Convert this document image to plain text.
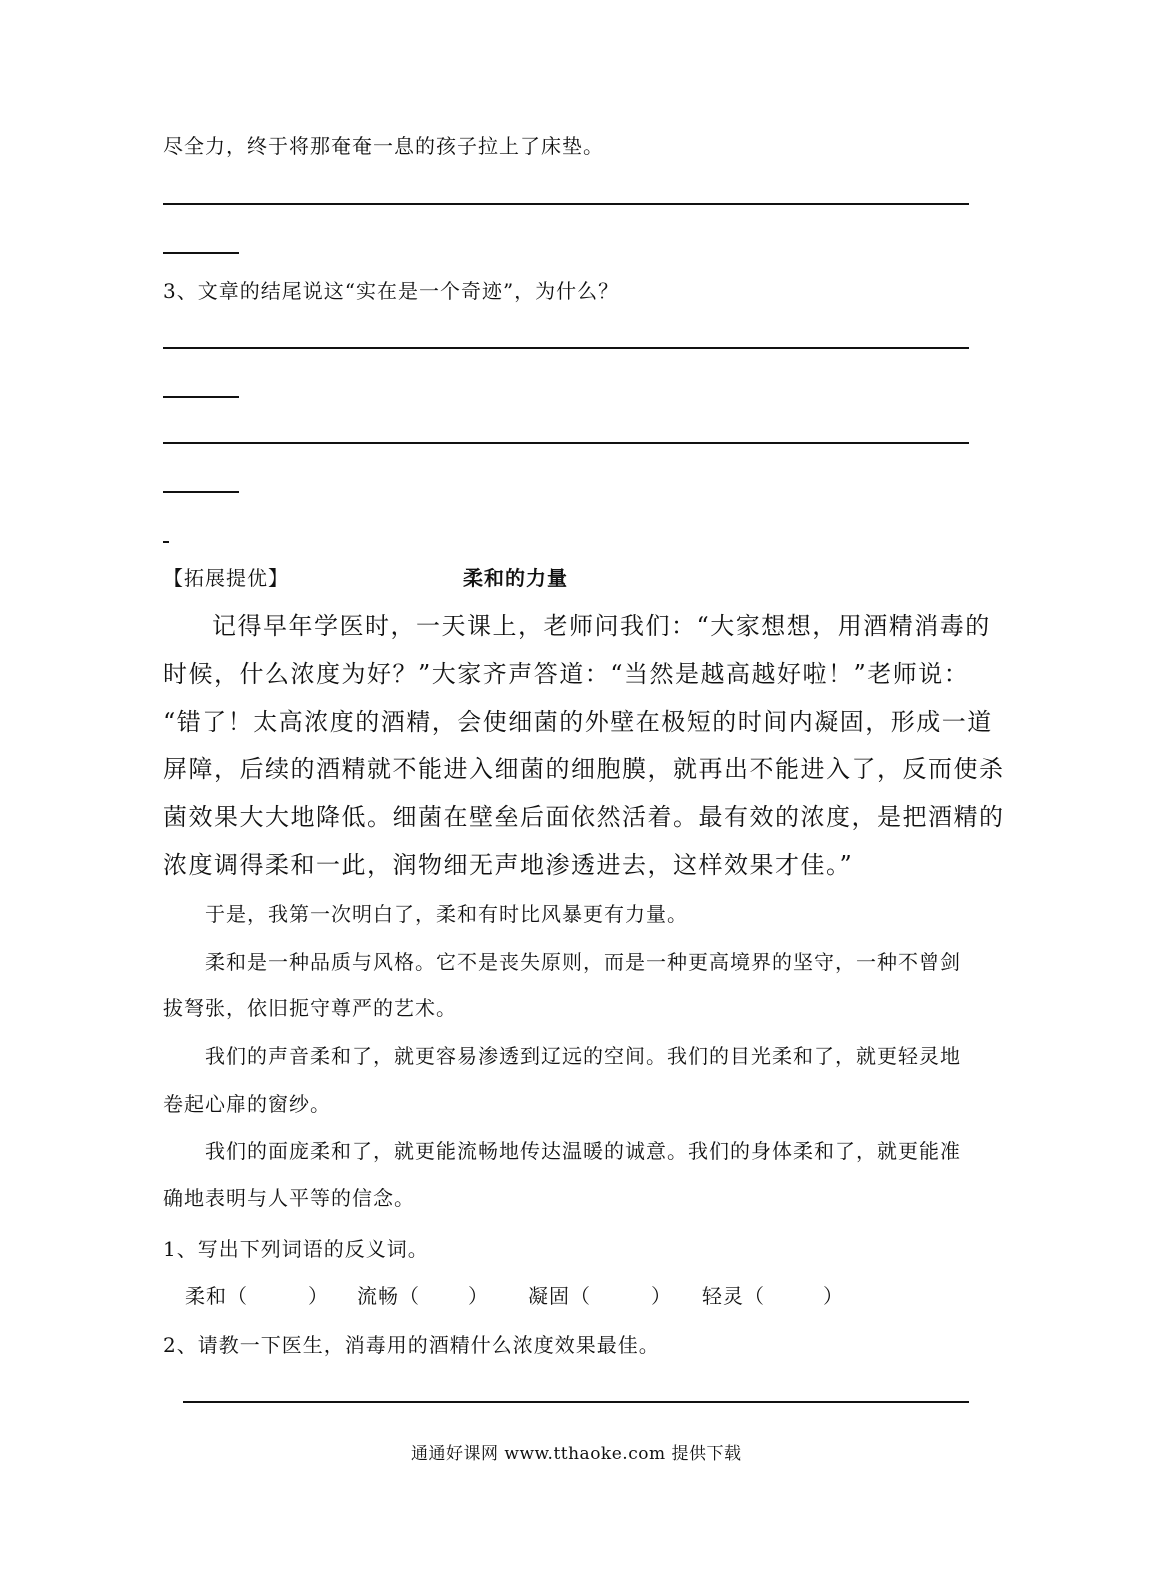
尽全力，终于将那奄奄一息的孩子拉上了床垫。
3、文章的结尾说这“实在是一个奇迹”，为什么？
【拓展提优】	柔和的力量
记得早年学医时，一天课上，老师问我们：“大家想想，用酒精消毒的
时候，什么浓度为好？”大家齐声答道：“当然是越高越好啦！”老师说：
“错了！太高浓度的酒精，会使细菌的外壁在极短的时间内凝固，形成一道
屏障，后续的酒精就不能进入细菌的细胞膜，就再出不能进入了，反而使杀
菌效果大大地降低。细菌在壁垒后面依然活着。最有效的浓度，是把酒精的
浓度调得柔和一此，润物细无声地渗透进去，这样效果才佳。”
于是，我第一次明白了，柔和有时比风暴更有力量。
柔和是一种品质与风格。它不是丧失原则，而是一种更高境界的坚守，一种不曾剑
拔弩张，依旧扼守尊严的艺术。
我们的声音柔和了，就更容易渗透到辽远的空间。我们的目光柔和了，就更轻灵地
卷起心扉的窗纱。
我们的面庞柔和了，就更能流畅地传达温暖的诚意。我们的身体柔和了，就更能准
确地表明与人平等的信念。
1、写出下列词语的反义词。
柔和（	） 流畅（ ） 凝固（	） 轻灵（	）
2、请教一下医生，消毒用的酒精什么浓度效果最佳。
通通好课网 www.tthaoke.com 提供下载
